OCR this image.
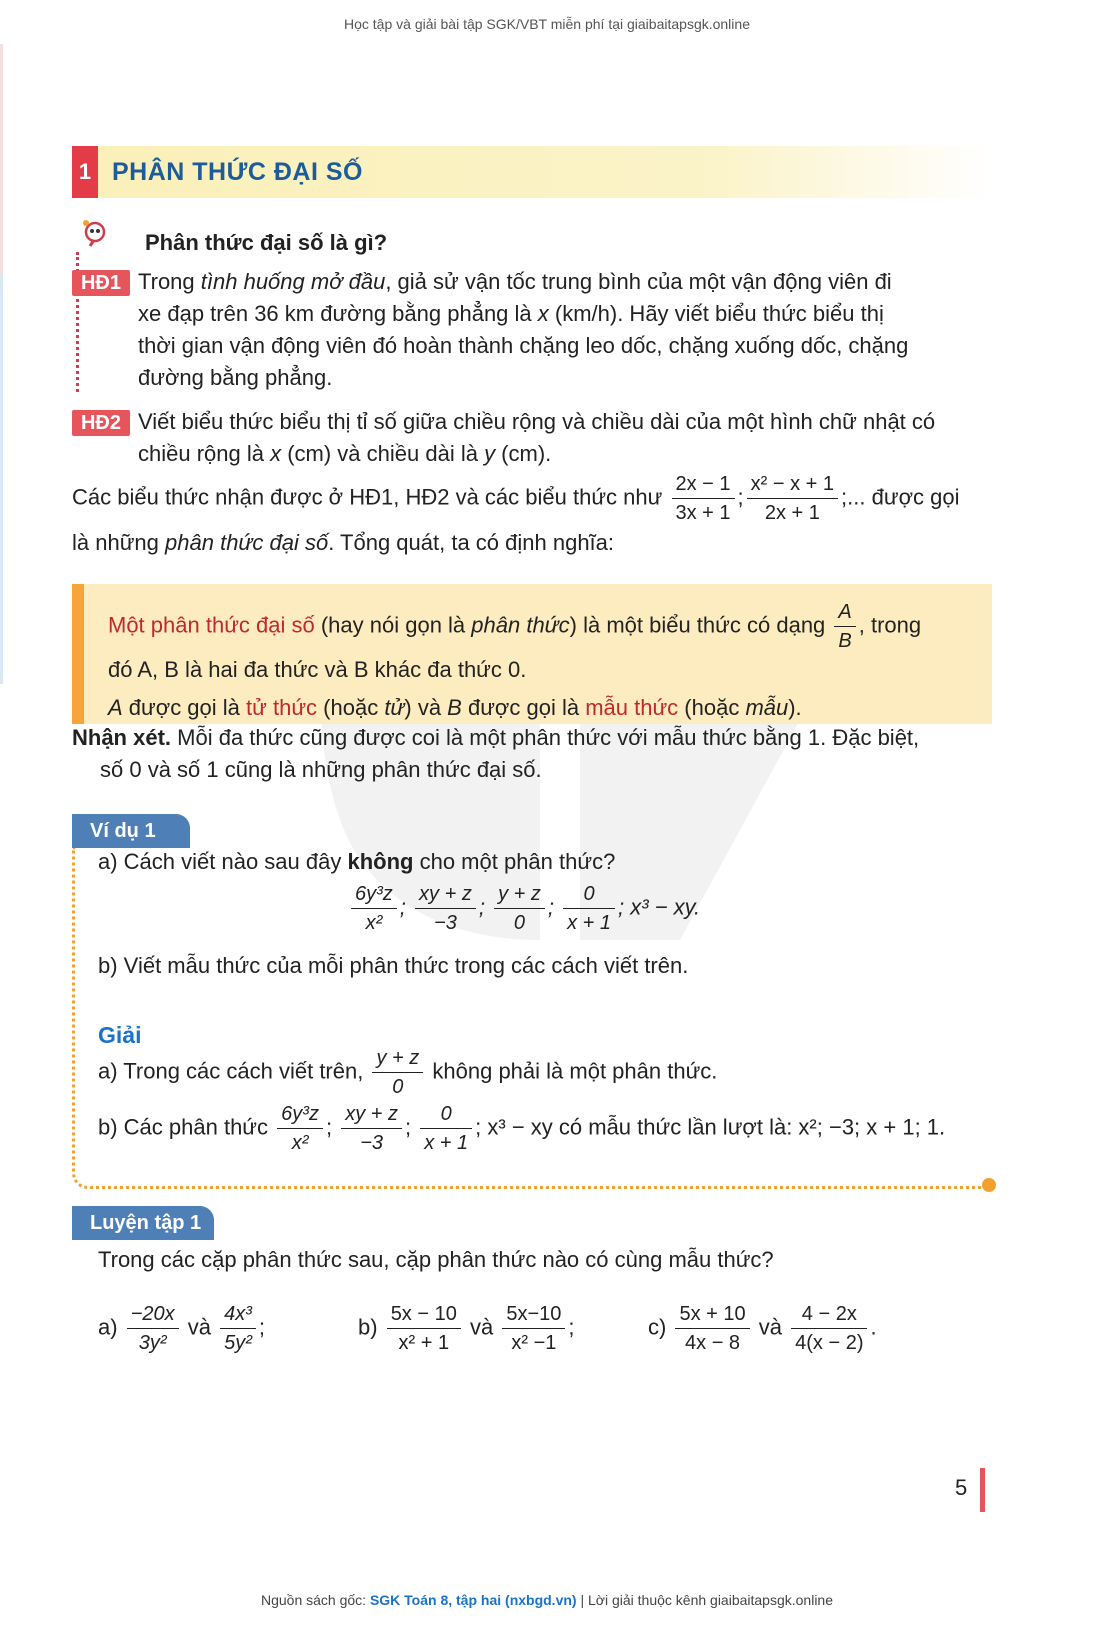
Học tập và giải bài tập SGK/VBT miễn phí tại giaibaitapsgk.online
1 PHÂN THỨC ĐẠI SỐ
Phân thức đại số là gì?
HĐ1 Trong tình huống mở đầu, giả sử vận tốc trung bình của một vận động viên đi
xe đạp trên 36 km đường bằng phẳng là x (km/h). Hãy viết biểu thức biểu thị
thời gian vận động viên đó hoàn thành chặng leo dốc, chặng xuống dốc, chặng
đường bằng phẳng.
HĐ2 Viết biểu thức biểu thị tỉ số giữa chiều rộng và chiều dài của một hình chữ nhật có
chiều rộng là x (cm) và chiều dài là y (cm).
Các biểu thức nhận được ở HĐ1, HĐ2 và các biểu thức như $\frac{2x - 1}{3x + 1}$ ; $\frac{\text{x² − x + 1}}{2x + 1}$ ;... được gọi
là những phân thức đại số. Tổng quát, ta có định nghĩa:
Một phân thức đại số (hay nói gọn là phân thức) là một biểu thức có dạng $\frac{A}{B}$ , trong
đó A, B là hai đa thức và B khác đa thức 0.
A được gọi là tử thức (hoặc tử) và B được gọi là mẫu thức (hoặc mẫu).
Nhận xét. Mỗi đa thức cũng được coi là một phân thức với mẫu thức bằng 1. Đặc biệt,
số 0 và số 1 cũng là những phân thức đại số.
Ví dụ 1
a) Cách viết nào sau đây không cho một phân thức?
$\frac{\text{6y³z}}{\text{x²}}$ ; $\frac{xy + z}{-3}$ ; $\frac{y + z}{0}$ ; $\frac{0}{x + 1}$ ; x³ − xy.
b) Viết mẫu thức của mỗi phân thức trong các cách viết trên.
Giải
a) Trong các cách viết trên, $\frac{y + z}{0}$ không phải là một phân thức.
b) Các phân thức $\frac{\text{6y³z}}{\text{x²}}$ ; $\frac{xy + z}{-3}$ ; $\frac{0}{x + 1}$ ; x³ − xy có mẫu thức lần lượt là: x²; −3; x + 1; 1.
Luyện tập 1
Trong các cặp phân thức sau, cặp phân thức nào có cùng mẫu thức?
$a) \frac{-20x}{\text{3y²}}$ và $\frac{\text{4x³}}{\text{5y²}}$ ;	$b) \frac{5x - 10}{\text{x² + 1}}$ và $\frac{5x-10}{\text{x² −1}}$ ;	$c) \frac{5x + 10}{4x - 8}$ và $\frac{4 - 2x}{4(x - 2)}$ .
5
Nguồn sách gốc: SGK Toán 8, tập hai (nxbgd.vn) | Lời giải thuộc kênh giaibaitapsgk.online
